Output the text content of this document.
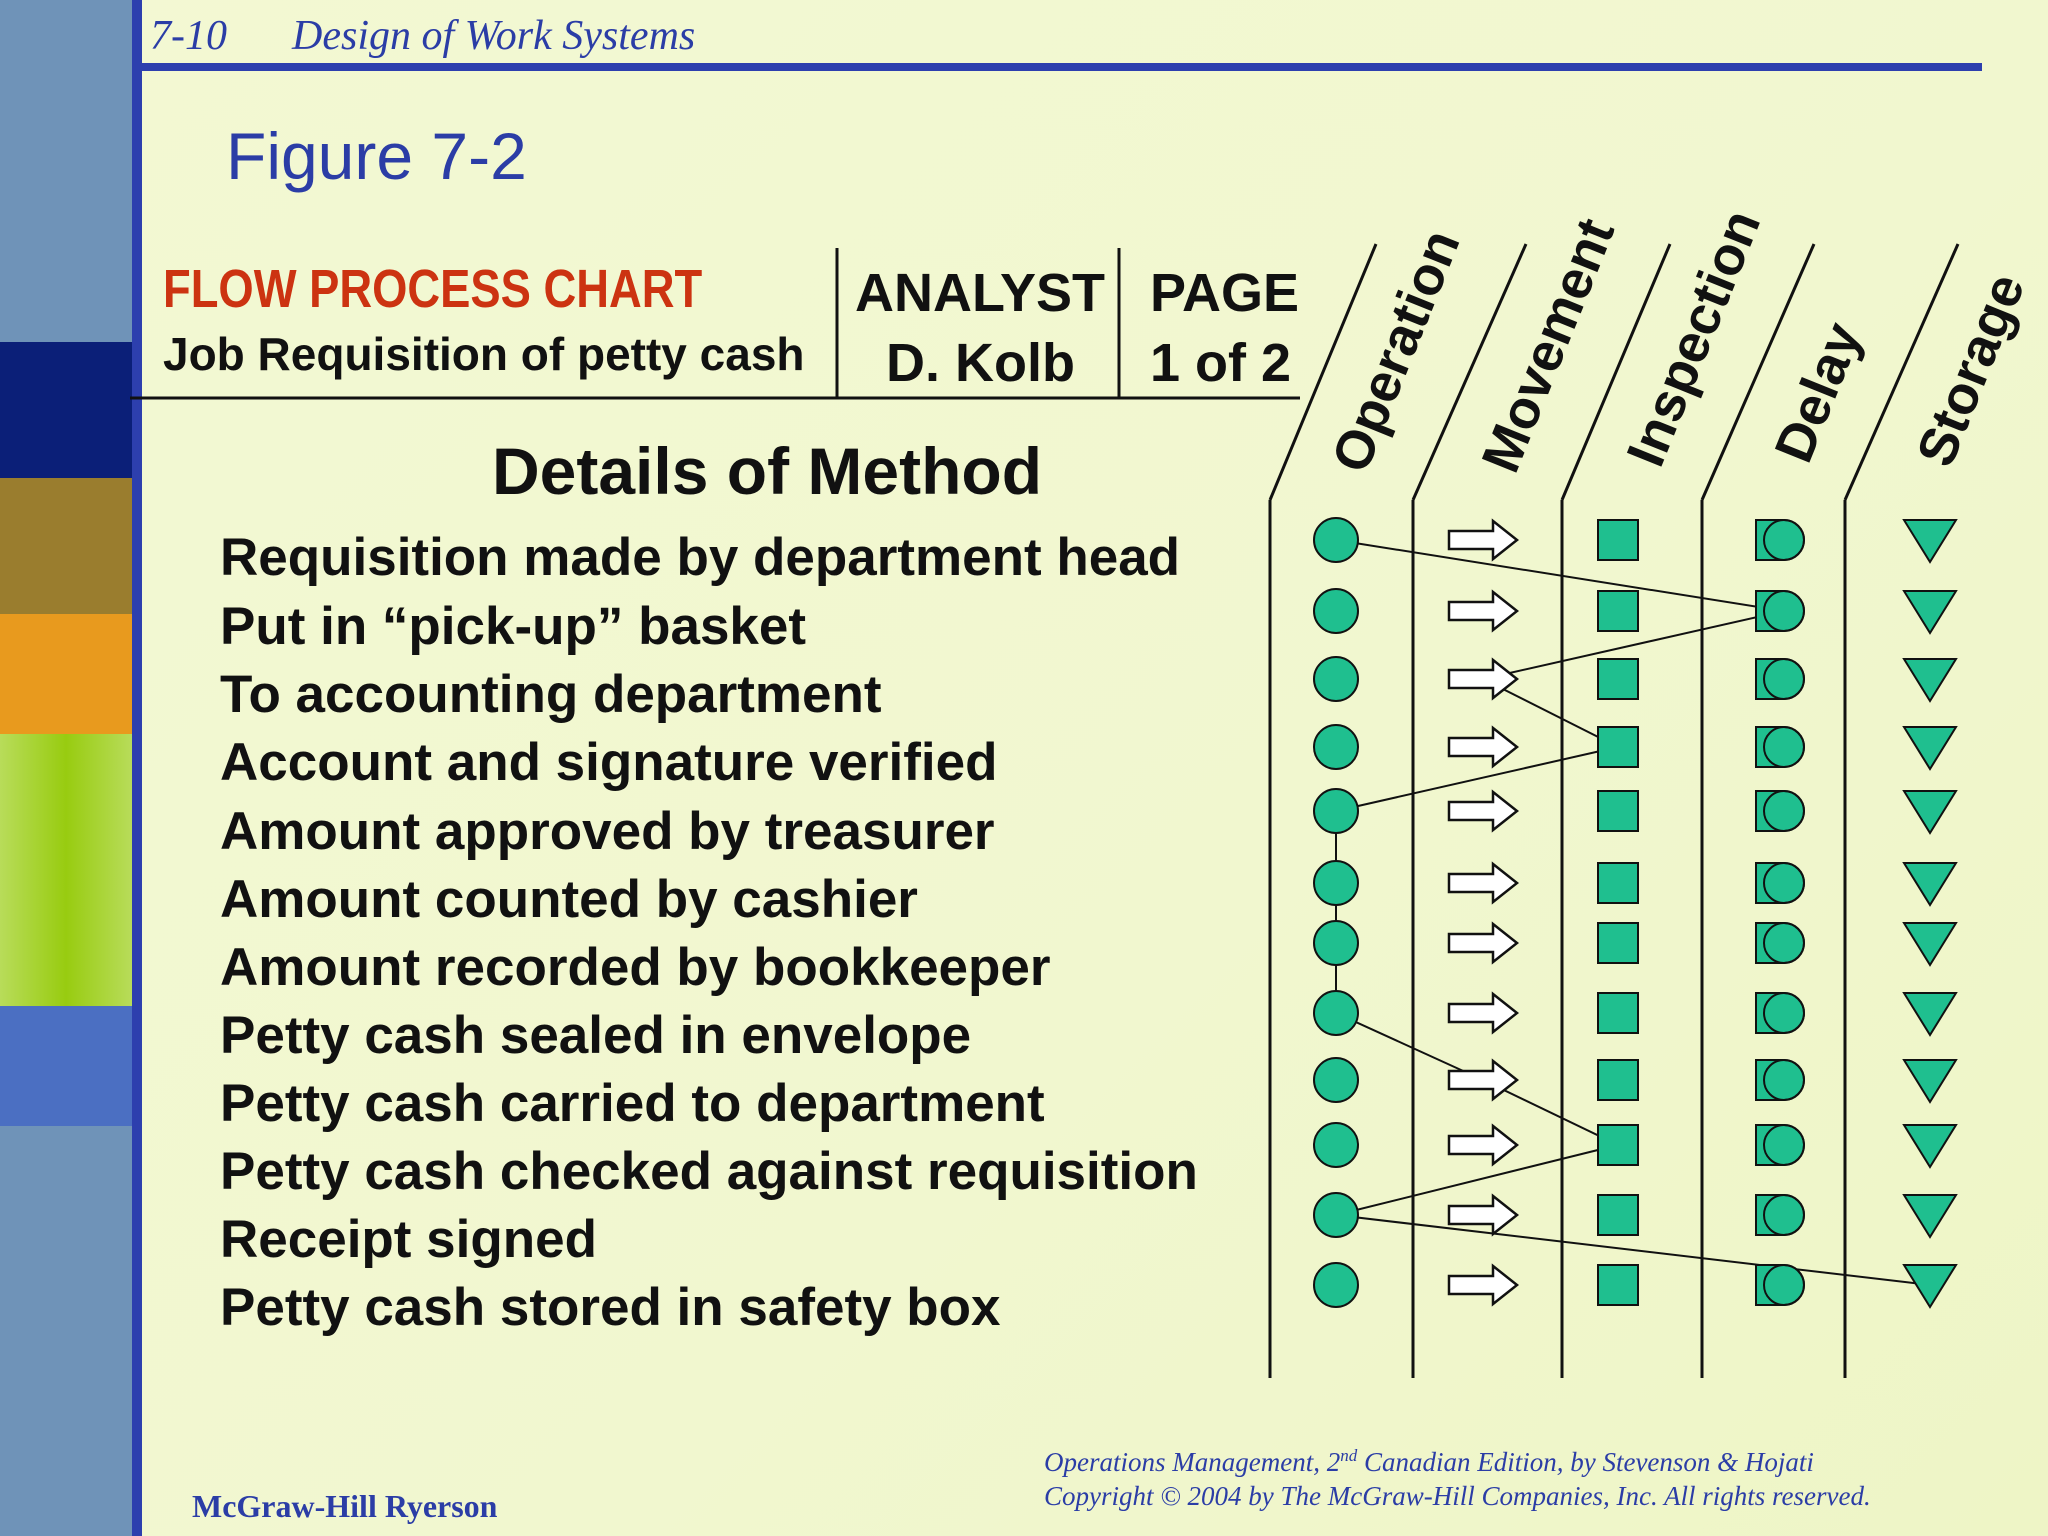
7-10 Design of Work Systems
Figure 7-2
FLOW PROCESS CHART
Job Requisition of petty cash
ANALYST
D. Kolb
PAGE
1 of 2
Details of Method
Requisition made by department head
Put in “pick-up” basket
To accounting department
Account and signature verified
Amount approved by treasurer
Amount counted by cashier
Amount recorded by bookkeeper
Petty cash sealed in envelope
Petty cash carried to department
Petty cash checked against requisition
Receipt signed
Petty cash stored in safety box
Operation
Movement
Inspection
Delay Storage
McGraw-Hill Ryerson
Operations Management, 2nd Canadian Edition, by Stevenson & Hojati
Copyright © 2004 by The McGraw-Hill Companies, Inc. All rights reserved.
